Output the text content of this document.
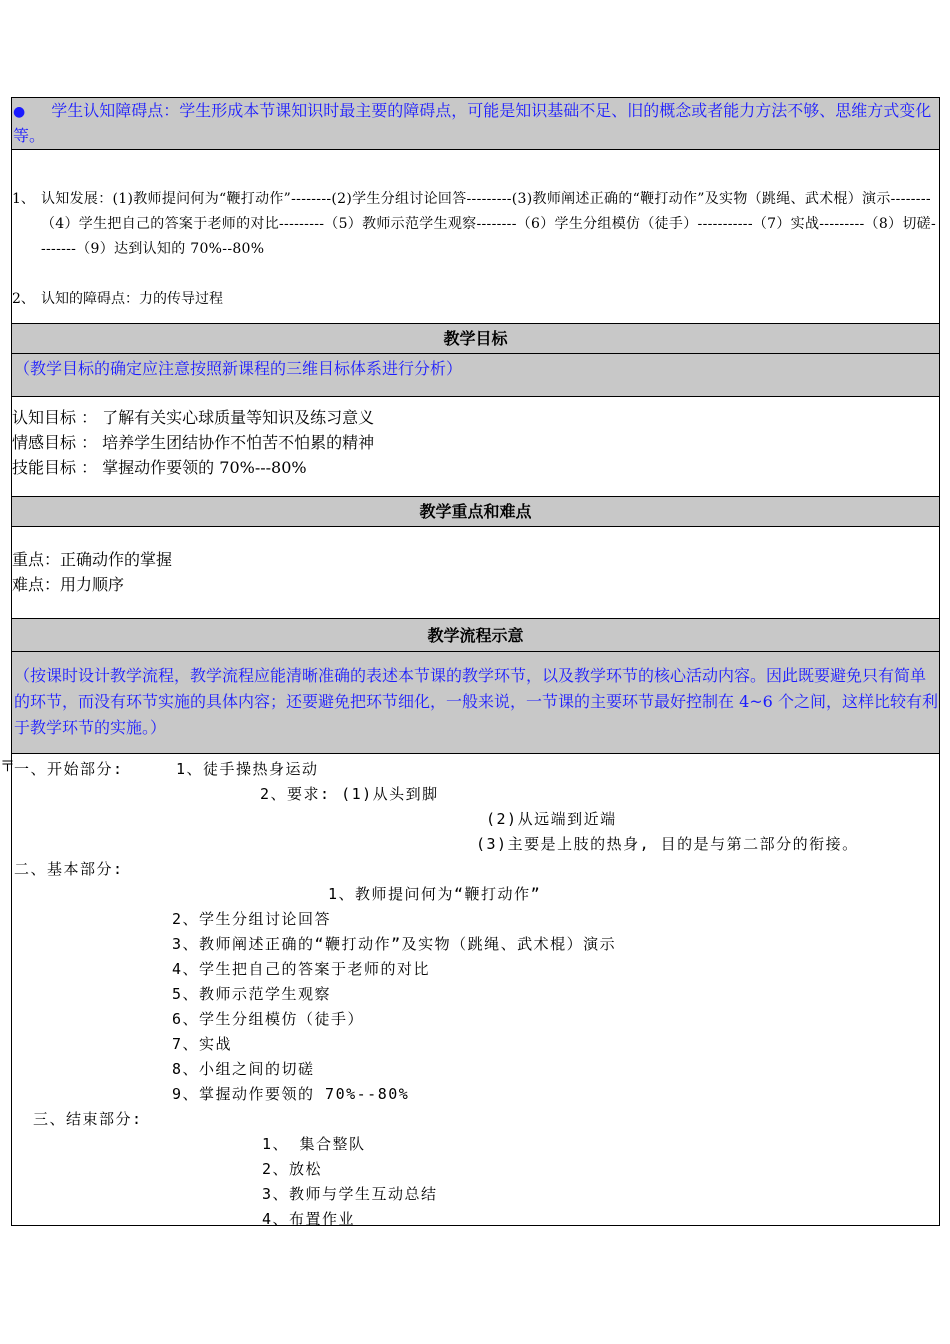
● 学生认知障碍点：学生形成本节课知识时最主要的障碍点，可能是知识基础不足、旧的概念或者能力方法不够、思维方式变化等。
1、 认知发展：(1)教师提问何为“鞭打动作”--------(2)学生分组讨论回答---------(3)教师阐述正确的“鞭打动作”及实物（跳绳、武术棍）演示--------（4）学生把自己的答案于老师的对比---------（5）教师示范学生观察--------（6）学生分组模仿（徒手）-----------（7）实战---------（8）切磋--------（9）达到认知的 70%--80%
2、 认知的障碍点：力的传导过程
教学目标
（教学目标的确定应注意按照新课程的三维目标体系进行分析）
认知目标 ： 了解有关实心球质量等知识及练习意义
情感目标 ： 培养学生团结协作不怕苦不怕累的精神
技能目标 ： 掌握动作要领的 70%---80%
教学重点和难点
重点：正确动作的掌握
难点：用力顺序
教学流程示意
（按课时设计教学流程，教学流程应能清晰准确的表述本节课的教学环节，以及教学环节的核心活动内容。因此既要避免只有简单的环节，而没有环节实施的具体内容；还要避免把环节细化，一般来说，一节课的主要环节最好控制在 4~6 个之间，这样比较有利于教学环节的实施。）
一、开始部分:	1、徒手操热身运动
2、要求: (1)从头到脚
(2)从远端到近端
(3)主要是上肢的热身, 目的是与第二部分的衔接。
二、基本部分:
1、教师提问何为“鞭打动作”
2、学生分组讨论回答
3、教师阐述正确的“鞭打动作”及实物（跳绳、武术棍）演示
4、学生把自己的答案于老师的对比
5、教师示范学生观察
6、学生分组模仿（徒手）
7、实战
8、小组之间的切磋
9、掌握动作要领的 70%--80%
三、结束部分:
1、 集合整队
2、放松
3、教师与学生互动总结
4、布置作业
〒
